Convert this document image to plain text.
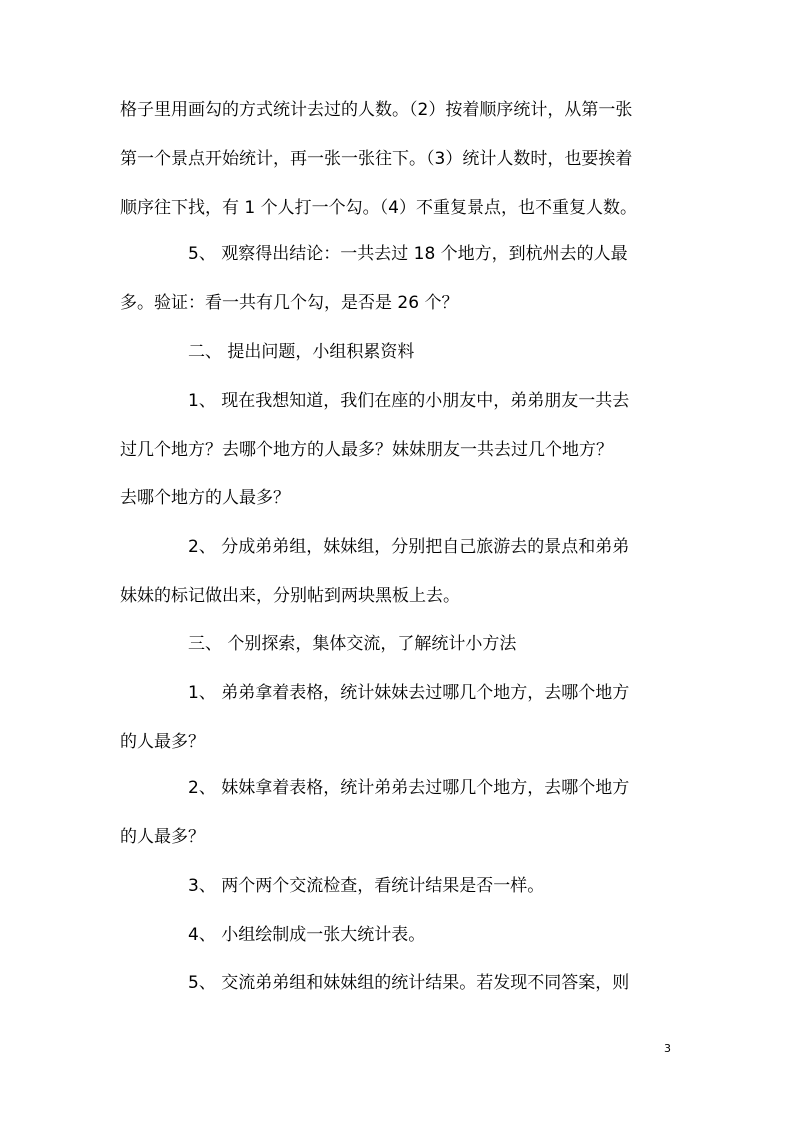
格子里用画勾的方式统计去过的人数。（2）按着顺序统计，从第一张
第一个景点开始统计，再一张一张往下。（3）统计人数时，也要挨着
顺序往下找，有 1 个人打一个勾。（4）不重复景点，也不重复人数。
　　　　5、 观察得出结论：一共去过 18 个地方，到杭州去的人最
多。验证：看一共有几个勾，是否是 26 个？
　　　　二、 提出问题，小组积累资料
　　　　1、 现在我想知道，我们在座的小朋友中，弟弟朋友一共去
过几个地方？去哪个地方的人最多？妹妹朋友一共去过几个地方？
去哪个地方的人最多？
　　　　2、 分成弟弟组，妹妹组，分别把自己旅游去的景点和弟弟
妹妹的标记做出来，分别帖到两块黑板上去。
　　　　三、 个别探索，集体交流，了解统计小方法
　　　　1、 弟弟拿着表格，统计妹妹去过哪几个地方，去哪个地方
的人最多？
　　　　2、 妹妹拿着表格，统计弟弟去过哪几个地方，去哪个地方
的人最多？
　　　　3、 两个两个交流检查，看统计结果是否一样。
　　　　4、 小组绘制成一张大统计表。
　　　　5、 交流弟弟组和妹妹组的统计结果。若发现不同答案，则
3
